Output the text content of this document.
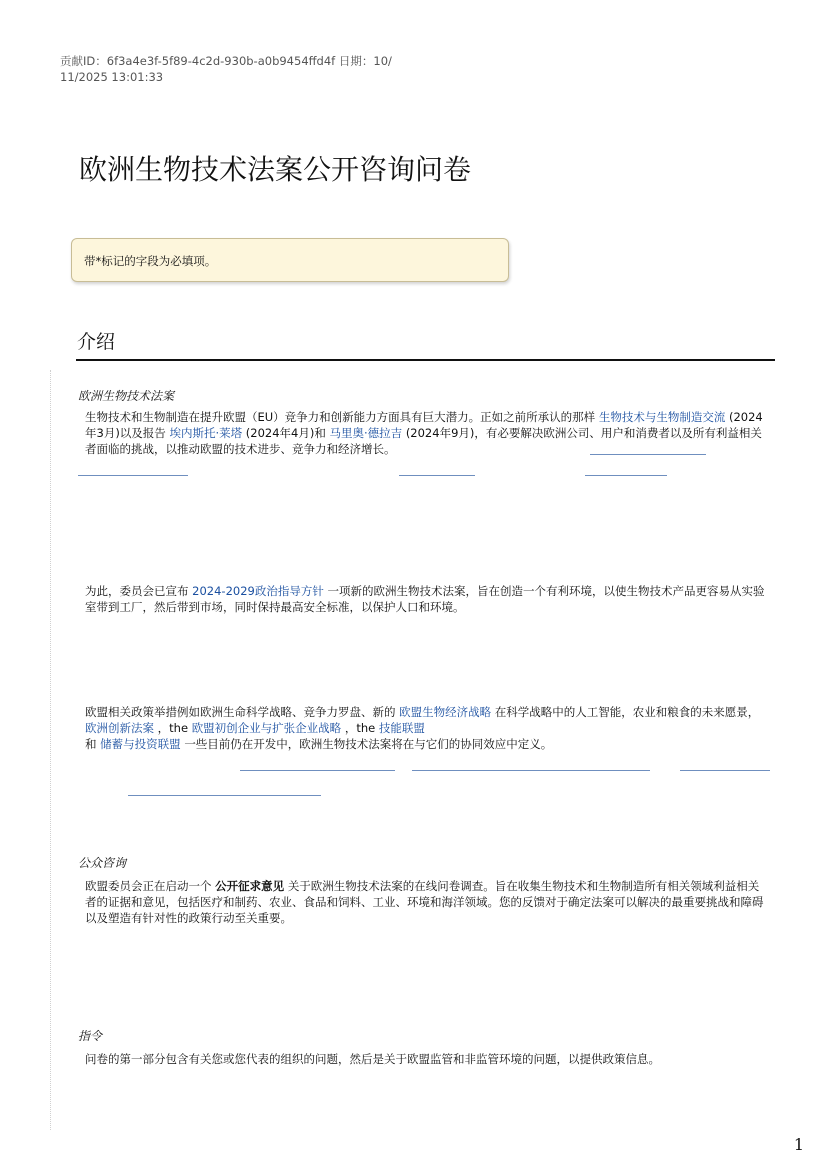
贡献ID：6f3a4e3f-5f89-4c2d-930b-a0b9454ffd4f 日期：10/
11/2025 13:01:33
欧洲生物技术法案公开咨询问卷
带*标记的字段为必填项。
介绍
欧洲生物技术法案

生物技术和生物制造在提升欧盟（EU）竞争力和创新能力方面具有巨大潜力。正如之前所承认的那样 生物技术与生物制造交流 (2024年3月)以及报告 埃内斯托·莱塔 (2024年4月)和 马里奥·德拉吉 (2024年9月)，有必要解决欧洲公司、用户和消费者以及所有利益相关者面临的挑战，以推动欧盟的技术进步、竞争力和经济增长。

为此，委员会已宣布 2024-2029政治指导方针 一项新的欧洲生物技术法案，旨在创造一个有利环境，以使生物技术产品更容易从实验室带到工厂，然后带到市场，同时保持最高安全标准，以保护人口和环境。

欧盟相关政策举措例如欧洲生命科学战略、竞争力罗盘、新的 欧盟生物经济战略 在科学战略中的人工智能，农业和粮食的未来愿景， 欧洲创新法案 ，the 欧盟初创企业与扩张企业战略 ，the 技能联盟
和 储蓄与投资联盟 一些目前仍在开发中，欧洲生物技术法案将在与它们的协同效应中定义。

公众咨询

欧盟委员会正在启动一个 公开征求意见 关于欧洲生物技术法案的在线问卷调查。旨在收集生物技术和生物制造所有相关领域利益相关者的证据和意见，包括医疗和制药、农业、食品和饲料、工业、环境和海洋领域。您的反馈对于确定法案可以解决的最重要挑战和障碍以及塑造有针对性的政策行动至关重要。

指令

问卷的第一部分包含有关您或您代表的组织的问题，然后是关于欧盟监管和非监管环境的问题，以提供政策信息。

1
